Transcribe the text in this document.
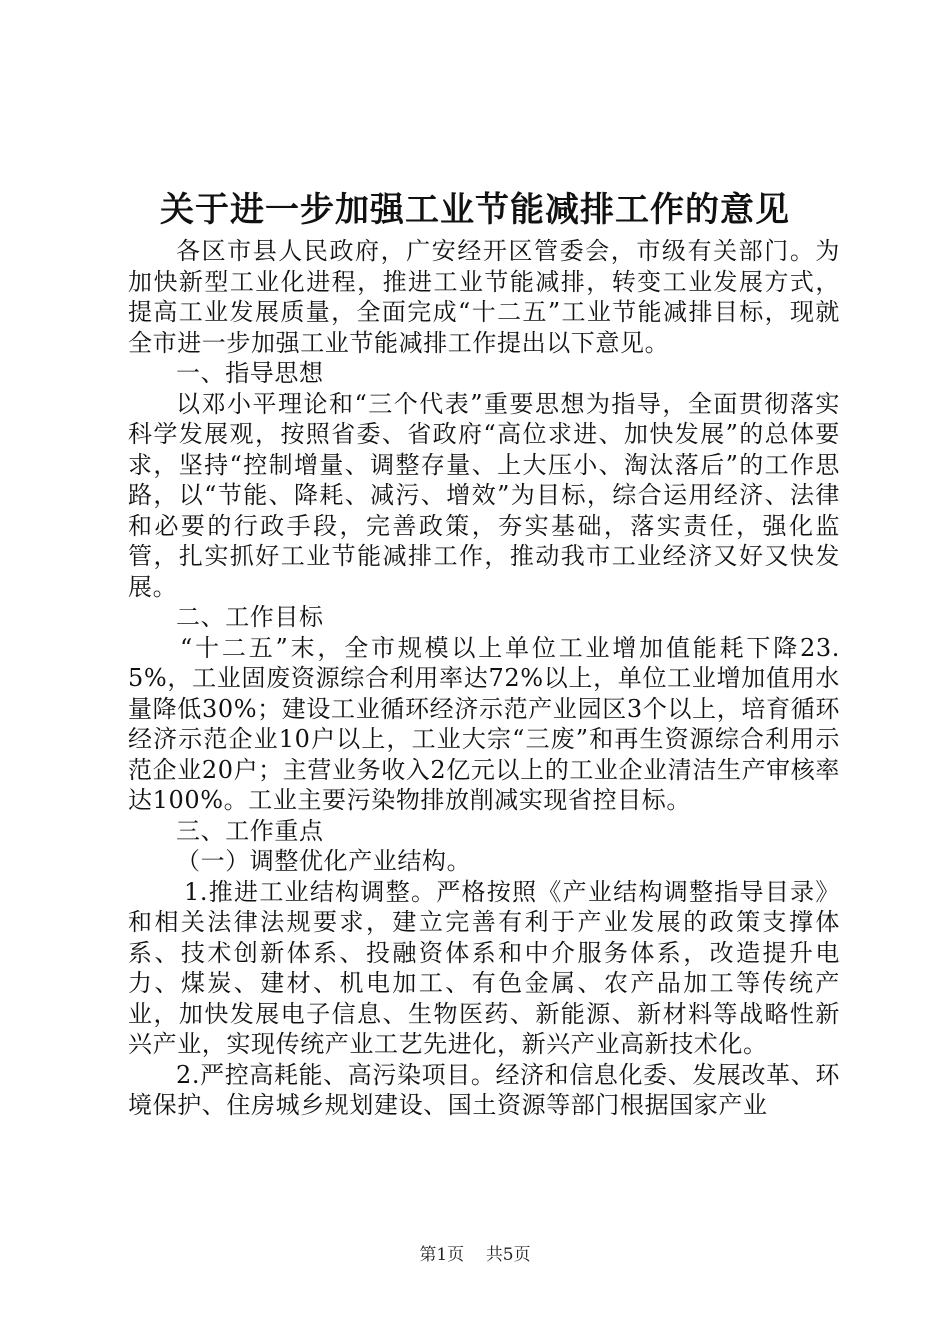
关于进一步加强工业节能减排工作的意见

各区市县人民政府，广安经开区管委会，市级有关部门。为加快新型工业化进程，推进工业节能减排，转变工业发展方式，提高工业发展质量，全面完成“十二五”工业节能减排目标，现就全市进一步加强工业节能减排工作提出以下意见。

一、指导思想

以邓小平理论和“三个代表”重要思想为指导，全面贯彻落实科学发展观，按照省委、省政府“高位求进、加快发展”的总体要求，坚持“控制增量、调整存量、上大压小、淘汰落后”的工作思路，以“节能、降耗、减污、增效”为目标，综合运用经济、法律和必要的行政手段，完善政策，夯实基础，落实责任，强化监管，扎实抓好工业节能减排工作，推动我市工业经济又好又快发展。

二、工作目标

“十二五”末，全市规模以上单位工业增加值能耗下降23.5%，工业固废资源综合利用率达72%以上，单位工业增加值用水量降低30%；建设工业循环经济示范产业园区3个以上，培育循环经济示范企业10户以上，工业大宗“三废”和再生资源综合利用示范企业20户；主营业务收入2亿元以上的工业企业清洁生产审核率达100%。工业主要污染物排放削减实现省控目标。

三、工作重点

（一）调整优化产业结构。

1.推进工业结构调整。严格按照《产业结构调整指导目录》和相关法律法规要求，建立完善有利于产业发展的政策支撑体系、技术创新体系、投融资体系和中介服务体系，改造提升电力、煤炭、建材、机电加工、有色金属、农产品加工等传统产业，加快发展电子信息、生物医药、新能源、新材料等战略性新兴产业，实现传统产业工艺先进化，新兴产业高新技术化。

2.严控高耗能、高污染项目。经济和信息化委、发展改革、环境保护、住房城乡规划建设、国土资源等部门根据国家产业

第1页 共5页
